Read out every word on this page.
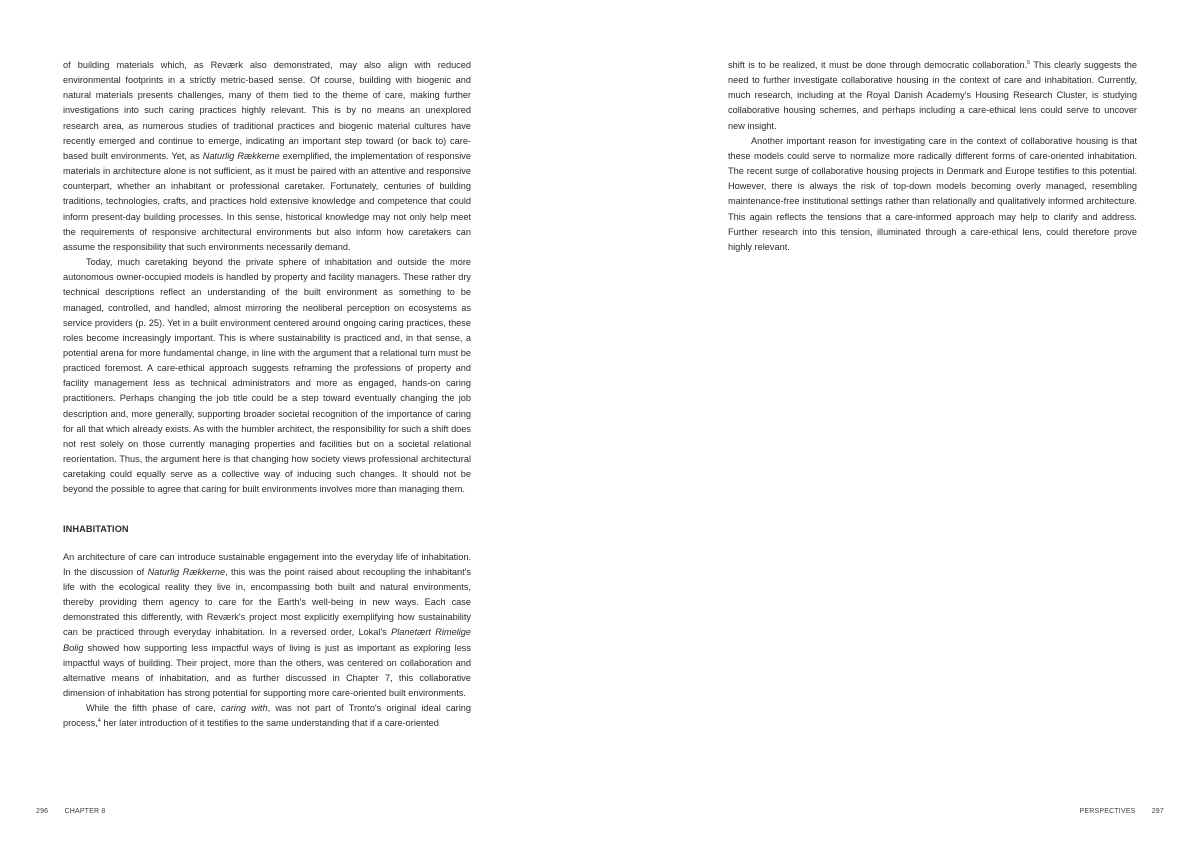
of building materials which, as Reværk also demonstrated, may also align with reduced environmental footprints in a strictly metric-based sense. Of course, building with biogenic and natural materials presents challenges, many of them tied to the theme of care, making further investigations into such caring practices highly relevant. This is by no means an unexplored research area, as numerous studies of traditional practices and biogenic material cultures have recently emerged and continue to emerge, indicating an important step toward (or back to) care-based built environments. Yet, as Naturlig Rækkerne exemplified, the implementation of responsive materials in architecture alone is not sufficient, as it must be paired with an attentive and responsive counterpart, whether an inhabitant or professional caretaker. Fortunately, centuries of building traditions, technologies, crafts, and practices hold extensive knowledge and competence that could inform present-day building processes. In this sense, historical knowledge may not only help meet the requirements of responsive architectural environments but also inform how caretakers can assume the responsibility that such environments necessarily demand.

Today, much caretaking beyond the private sphere of inhabitation and outside the more autonomous owner-occupied models is handled by property and facility managers. These rather dry technical descriptions reflect an understanding of the built environment as something to be managed, controlled, and handled, almost mirroring the neoliberal perception on ecosystems as service providers (p. 25). Yet in a built environment centered around ongoing caring practices, these roles become increasingly important. This is where sustainability is practiced and, in that sense, a potential arena for more fundamental change, in line with the argument that a relational turn must be practiced foremost. A care-ethical approach suggests reframing the professions of property and facility management less as technical administrators and more as engaged, hands-on caring practitioners. Perhaps changing the job title could be a step toward eventually changing the job description and, more generally, supporting broader societal recognition of the importance of caring for all that which already exists. As with the humbler architect, the responsibility for such a shift does not rest solely on those currently managing properties and facilities but on a societal relational reorientation. Thus, the argument here is that changing how society views professional architectural caretaking could equally serve as a collective way of inducing such changes. It should not be beyond the possible to agree that caring for built environments involves more than managing them.

INHABITATION

An architecture of care can introduce sustainable engagement into the everyday life of inhabitation. In the discussion of Naturlig Rækkerne, this was the point raised about recoupling the inhabitant's life with the ecological reality they live in, encompassing both built and natural environments, thereby providing them agency to care for the Earth's well-being in new ways. Each case demonstrated this differently, with Reværk's project most explicitly exemplifying how sustainability can be practiced through everyday inhabitation. In a reversed order, Lokal's Planetært Rimelige Bolig showed how supporting less impactful ways of living is just as important as exploring less impactful ways of building. Their project, more than the others, was centered on collaboration and alternative means of inhabitation, and as further discussed in Chapter 7, this collaborative dimension of inhabitation has strong potential for supporting more care-oriented built environments.

While the fifth phase of care, caring with, was not part of Tronto's original ideal caring process,$^4$ her later introduction of it testifies to the same understanding that if a care-oriented

296 CHAPTER 8

shift is to be realized, it must be done through democratic collaboration.$^5$ This clearly suggests the need to further investigate collaborative housing in the context of care and inhabitation. Currently, much research, including at the Royal Danish Academy's Housing Research Cluster, is studying collaborative housing schemes, and perhaps including a care-ethical lens could serve to uncover new insight.

Another important reason for investigating care in the context of collaborative housing is that these models could serve to normalize more radically different forms of care-oriented inhabitation. The recent surge of collaborative housing projects in Denmark and Europe testifies to this potential. However, there is always the risk of top-down models becoming overly managed, resembling maintenance-free institutional settings rather than relationally and qualitatively informed architecture. This again reflects the tensions that a care-informed approach may help to clarify and address. Further research into this tension, illuminated through a care-ethical lens, could therefore prove highly relevant.

PERSPECTIVES 297
